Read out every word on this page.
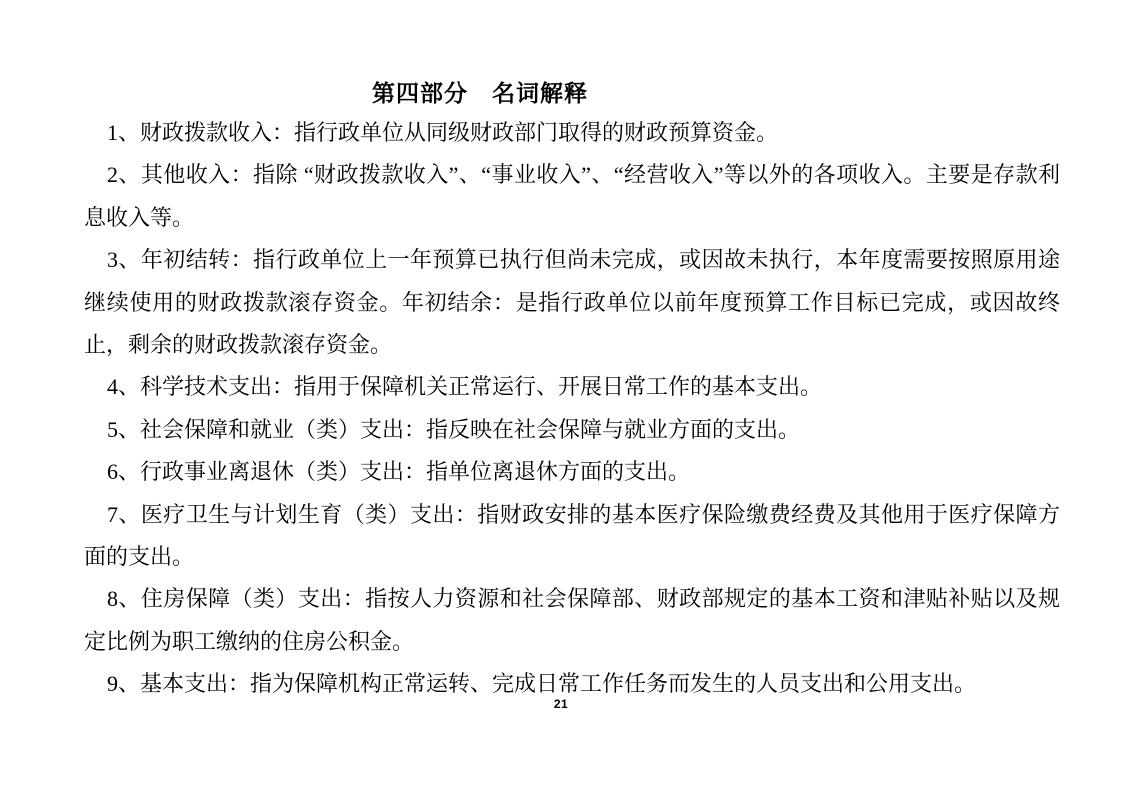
第四部分　名词解释

1、财政拨款收入：指行政单位从同级财政部门取得的财政预算资金。

2、其他收入：指除 “财政拨款收入”、“事业收入”、“经营收入”等以外的各项收入。主要是存款利息收入等。

3、年初结转：指行政单位上一年预算已执行但尚未完成，或因故未执行，本年度需要按照原用途继续使用的财政拨款滚存资金。年初结余：是指行政单位以前年度预算工作目标已完成，或因故终止，剩余的财政拨款滚存资金。

4、科学技术支出：指用于保障机关正常运行、开展日常工作的基本支出。

5、社会保障和就业（类）支出：指反映在社会保障与就业方面的支出。

6、行政事业离退休（类）支出：指单位离退休方面的支出。

7、医疗卫生与计划生育（类）支出：指财政安排的基本医疗保险缴费经费及其他用于医疗保障方面的支出。

8、住房保障（类）支出：指按人力资源和社会保障部、财政部规定的基本工资和津贴补贴以及规定比例为职工缴纳的住房公积金。

9、基本支出：指为保障机构正常运转、完成日常工作任务而发生的人员支出和公用支出。

21
